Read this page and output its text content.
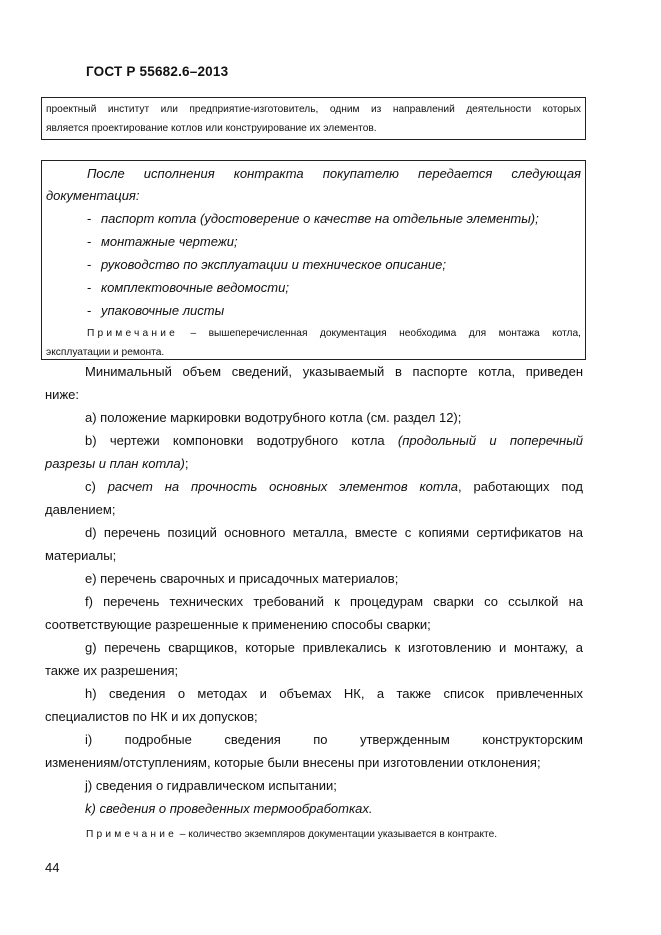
ГОСТ Р 55682.6–2013
проектный институт или предприятие-изготовитель, одним из направлений деятельности которых
является проектирование котлов или конструирование их элементов.
После исполнения контракта покупателю передается следующая
документация:
- паспорт котла (удостоверение о качестве на отдельные элементы);
- монтажные чертежи;
- руководство по эксплуатации и техническое описание;
- комплектовочные ведомости;
- упаковочные листы
Примечание – вышеперечисленная документация необходима для монтажа котла,
эксплуатации и ремонта.
Минимальный объем сведений, указываемый в паспорте котла, приведен
ниже:
a) положение маркировки водотрубного котла (см. раздел 12);
b) чертежи компоновки водотрубного котла (продольный и поперечный
разрезы и план котла);
c) расчет на прочность основных элементов котла, работающих под
давлением;
d) перечень позиций основного металла, вместе с копиями сертификатов на
материалы;
e) перечень сварочных и присадочных материалов;
f) перечень технических требований к процедурам сварки со ссылкой на
соответствующие разрешенные к применению способы сварки;
g) перечень сварщиков, которые привлекались к изготовлению и монтажу, а
также их разрешения;
h) сведения о методах и объемах НК, а также список привлеченных
специалистов по НК и их допусков;
i) подробные сведения по утвержденным конструкторским
изменениям/отступлениям, которые были внесены при изготовлении отклонения;
j) сведения о гидравлическом испытании;
k) сведения о проведенных термообработках.
Примечание – количество экземпляров документации указывается в контракте.
44
